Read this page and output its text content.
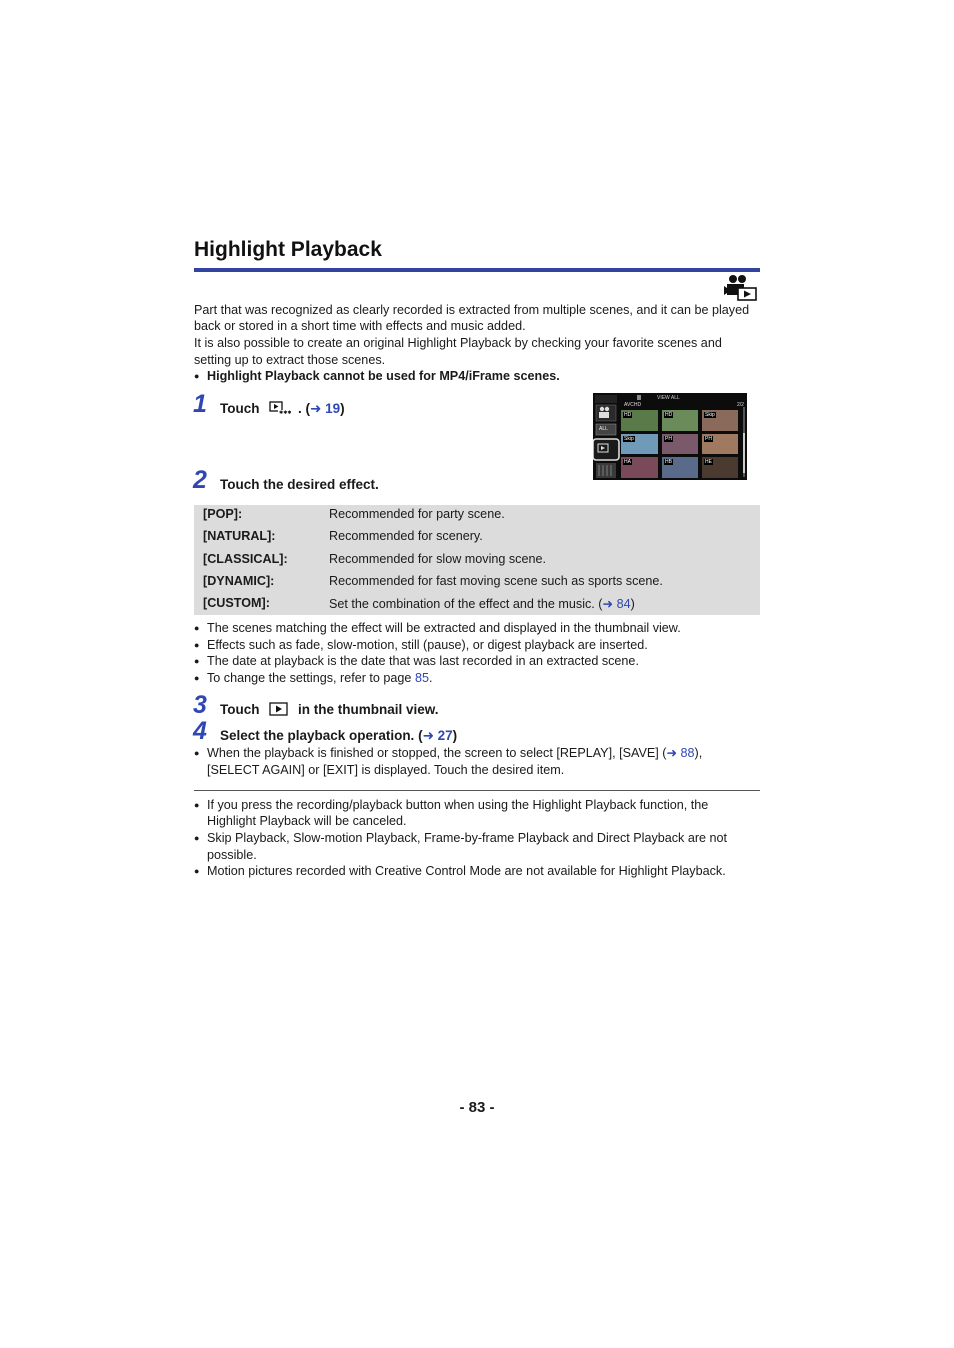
Highlight Playback
Part that was recognized as clearly recorded is extracted from multiple scenes, and it can be played
back or stored in a short time with effects and music added.
It is also possible to create an original Highlight Playback by checking your favorite scenes and
setting up to extract those scenes.
● Highlight Playback cannot be used for MP4/iFrame scenes.
1 Touch	✱✱✱ . (➜ 19)	AVCHD
VIEW ALL
ALL
2/2
HD	HD	Skip
Skip	PH	PH
HA	HB	HE
2 Touch the desired effect.
[POP]:	Recommended for party scene.
[NATURAL]:	Recommended for scenery.
[CLASSICAL]:	Recommended for slow moving scene.
[DYNAMIC]:	Recommended for fast moving scene such as sports scene.
[CUSTOM]:	Set the combination of the effect and the music. (➜ 84)
● The scenes matching the effect will be extracted and displayed in the thumbnail view.
● Effects such as fade, slow-motion, still (pause), or digest playback are inserted.
● The date at playback is the date that was last recorded in an extracted scene.
● To change the settings, refer to page 85.
3 Touch	in the thumbnail view.
4 Select the playback operation. (➜ 27)
● When the playback is finished or stopped, the screen to select [REPLAY], [SAVE] (➜ 88),
[SELECT AGAIN] or [EXIT] is displayed. Touch the desired item.
● If you press the recording/playback button when using the Highlight Playback function, the
Highlight Playback will be canceled.
● Skip Playback, Slow-motion Playback, Frame-by-frame Playback and Direct Playback are not
possible.
● Motion pictures recorded with Creative Control Mode are not available for Highlight Playback.
- 83 -
